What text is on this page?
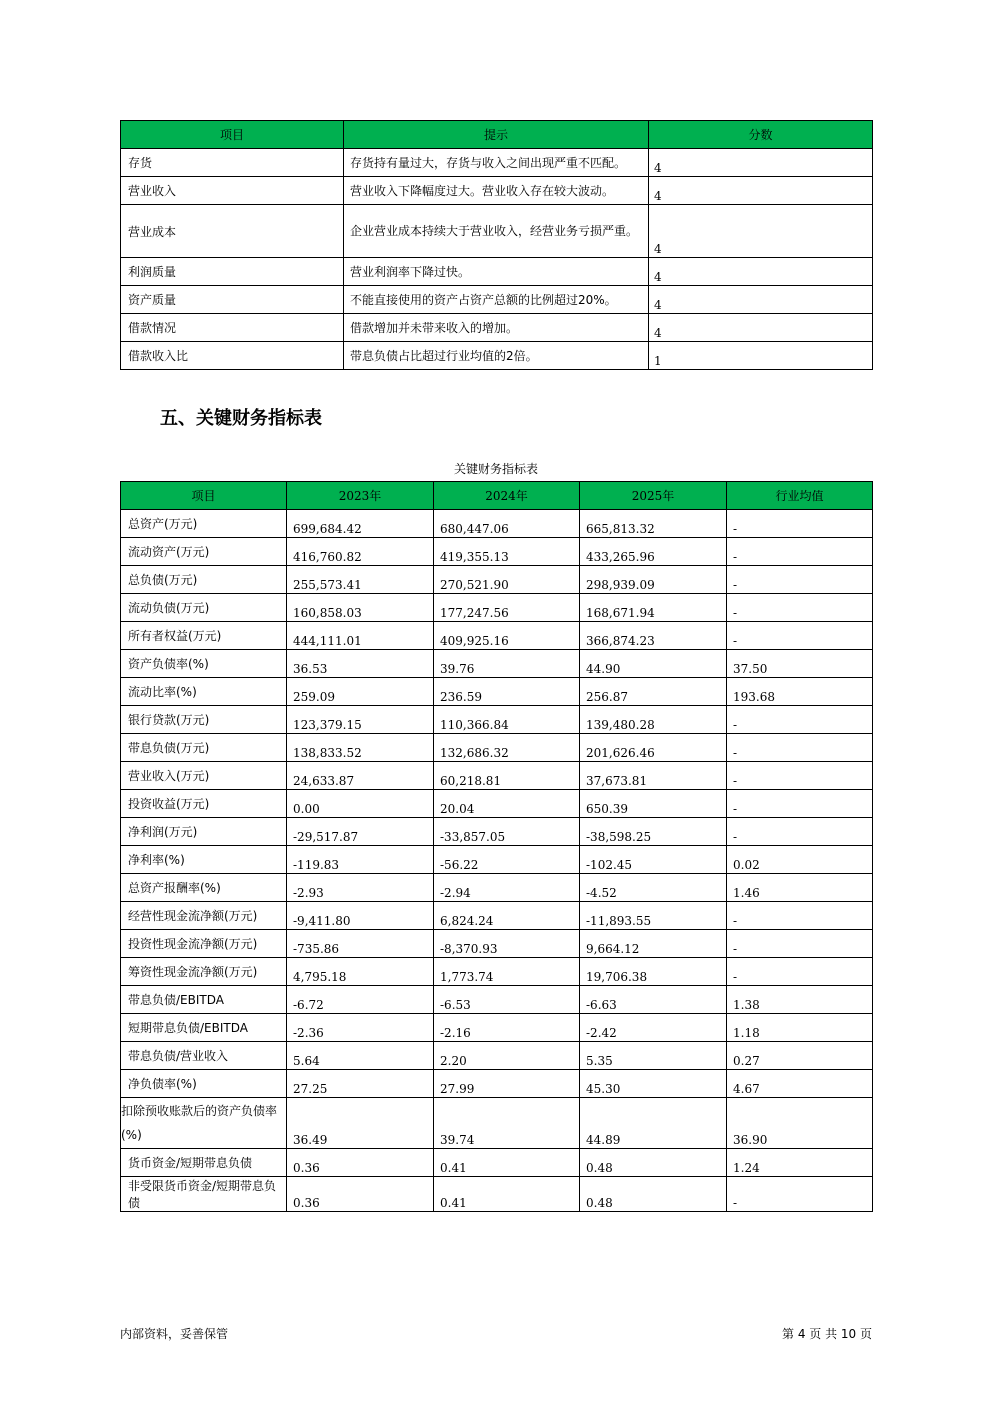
项目	提示	分数
存货	存货持有量过大，存货与收入之间出现严重不匹配。	4
营业收入	营业收入下降幅度过大。营业收入存在较大波动。	4
营业成本	企业营业成本持续大于营业收入，经营业务亏损严重。	4
利润质量	营业利润率下降过快。	4
资产质量	不能直接使用的资产占资产总额的比例超过20%。	4
借款情况	借款增加并未带来收入的增加。	4
借款收入比	带息负债占比超过行业均值的2倍。	1
五、关键财务指标表
关键财务指标表
项目	2023年	2024年	2025年	行业均值
总资产(万元)	699,684.42	680,447.06	665,813.32	-
流动资产(万元)	416,760.82	419,355.13	433,265.96	-
总负债(万元)	255,573.41	270,521.90	298,939.09	-
流动负债(万元)	160,858.03	177,247.56	168,671.94	-
所有者权益(万元)	444,111.01	409,925.16	366,874.23	-
资产负债率(%)	36.53	39.76	44.90	37.50
流动比率(%)	259.09	236.59	256.87	193.68
银行贷款(万元)	123,379.15	110,366.84	139,480.28	-
带息负债(万元)	138,833.52	132,686.32	201,626.46	-
营业收入(万元)	24,633.87	60,218.81	37,673.81	-
投资收益(万元)	0.00	20.04	650.39	-
净利润(万元)	-29,517.87	-33,857.05	-38,598.25	-
净利率(%)	-119.83	-56.22	-102.45	0.02
总资产报酬率(%)	-2.93	-2.94	-4.52	1.46
经营性现金流净额(万元)	-9,411.80	6,824.24	-11,893.55	-
投资性现金流净额(万元)	-735.86	-8,370.93	9,664.12	-
筹资性现金流净额(万元)	4,795.18	1,773.74	19,706.38	-
带息负债/EBITDA	-6.72	-6.53	-6.63	1.38
短期带息负债/EBITDA	-2.36	-2.16	-2.42	1.18
带息负债/营业收入	5.64	2.20	5.35	0.27
净负债率(%)	27.25	27.99	45.30	4.67
扣除预收账款后的资产负债率(%)	36.49	39.74	44.89	36.90
货币资金/短期带息负债	0.36	0.41	0.48	1.24
非受限货币资金/短期带息负债	0.36	0.41	0.48	-
内部资料，妥善保管	第 4 页 共 10 页
